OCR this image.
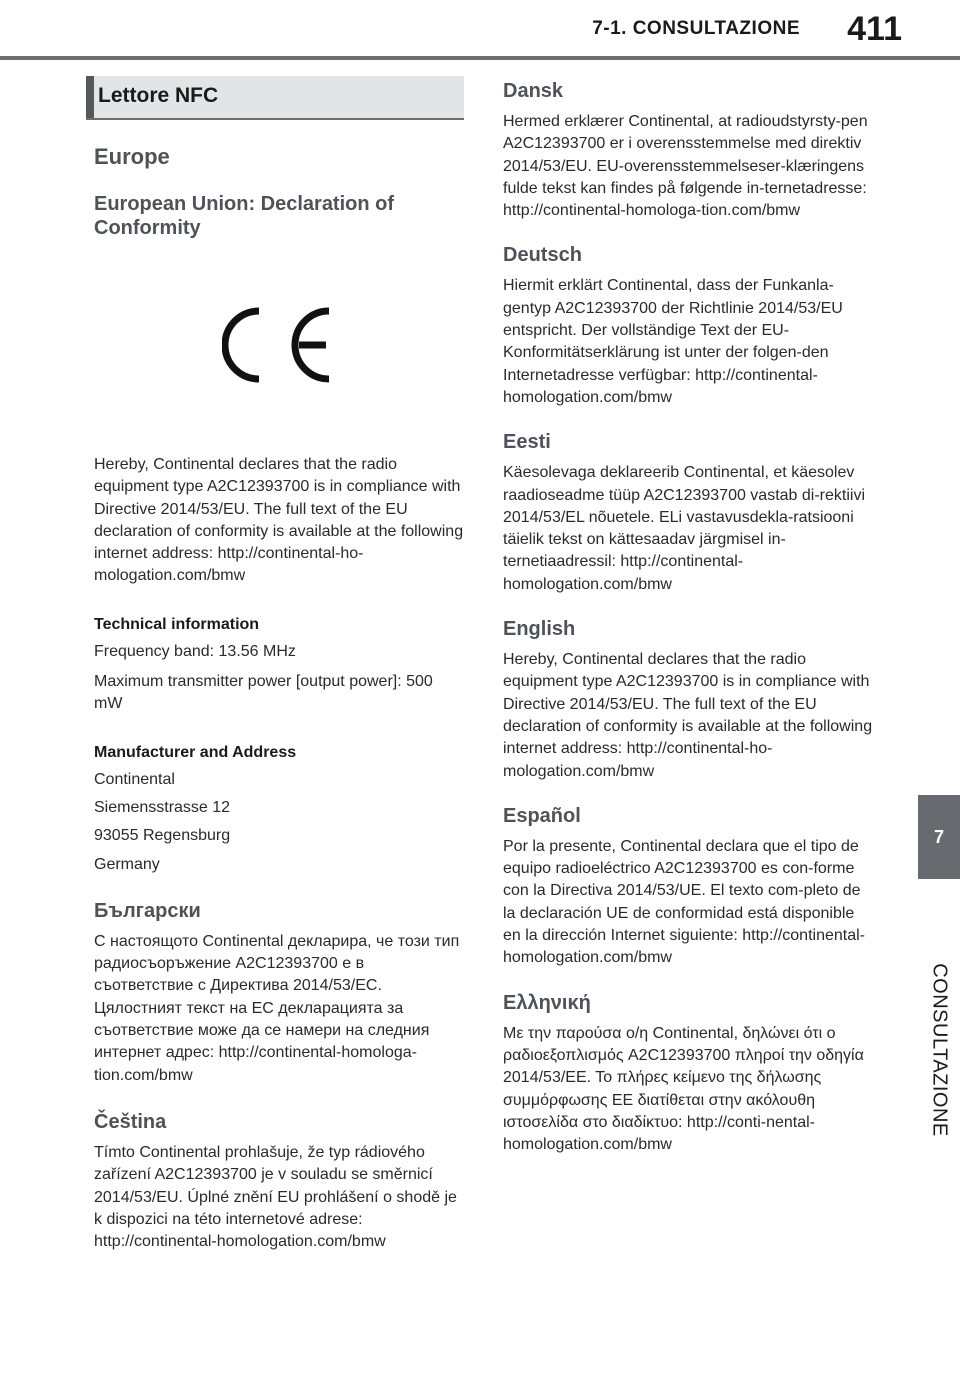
7-1. CONSULTAZIONE 411
7
CONSULTAZIONE
Lettore NFC
Europe
European Union: Declaration of Conformity

Hereby, Continental declares that the radio equipment type A2C12393700 is in compliance with Directive 2014/53/EU. The full text of the EU declaration of conformity is available at the following internet address: http://continental-ho-mologation.com/bmw

Technical information

Frequency band: 13.56 MHz

Maximum transmitter power [output power]: 500 mW

Manufacturer and Address

Continental

Siemensstrasse 12

93055 Regensburg

Germany

Български

С настоящото Continental декларира, че този тип радиосъоръжение A2C12393700 е в съответствие с Директива 2014/53/ЕС. Цялостният текст на ЕС декларацията за съответствие може да се намери на следния интернет адрес: http://continental-homologa-tion.com/bmw

Čeština

Tímto Continental prohlašuje, že typ rádiového zařízení A2C12393700 je v souladu se směrnicí 2014/53/EU. Úplné znění EU prohlášení o shodě je k dispozici na této internetové adrese: http://continental-homologation.com/bmw

Dansk

Hermed erklærer Continental, at radioudstyrsty-pen A2C12393700 er i overensstemmelse med direktiv 2014/53/EU. EU-overensstemmelseser-klæringens fulde tekst kan findes på følgende in-ternetadresse: http://continental-homologa-tion.com/bmw

Deutsch

Hiermit erklärt Continental, dass der Funkanla-gentyp A2C12393700 der Richtlinie 2014/53/EU entspricht. Der vollständige Text der EU-Konformitätserklärung ist unter der folgen-den Internetadresse verfügbar: http://continental-homologation.com/bmw

Eesti

Käesolevaga deklareerib Continental, et käesolev raadioseadme tüüp A2C12393700 vastab di-rektiivi 2014/53/EL nõuetele. ELi vastavusdekla-ratsiooni täielik tekst on kättesaadav järgmisel in-ternetiaadressil: http://continental-homologation.com/bmw

English

Hereby, Continental declares that the radio equipment type A2C12393700 is in compliance with Directive 2014/53/EU. The full text of the EU declaration of conformity is available at the following internet address: http://continental-ho-mologation.com/bmw

Español

Por la presente, Continental declara que el tipo de equipo radioeléctrico A2C12393700 es con-forme con la Directiva 2014/53/UE. El texto com-pleto de la declaración UE de conformidad está disponible en la dirección Internet siguiente: http://continental-homologation.com/bmw

Ελληνική

Με την παρούσα ο/η Continental, δηλώνει ότι ο ραδιοεξοπλισμός A2C12393700 πληροί την οδηγία 2014/53/ΕΕ. Το πλήρες κείμενο της δήλωσης συμμόρφωσης ΕΕ διατίθεται στην ακόλουθη ιστοσελίδα στο διαδίκτυο: http://conti-nental-homologation.com/bmw
